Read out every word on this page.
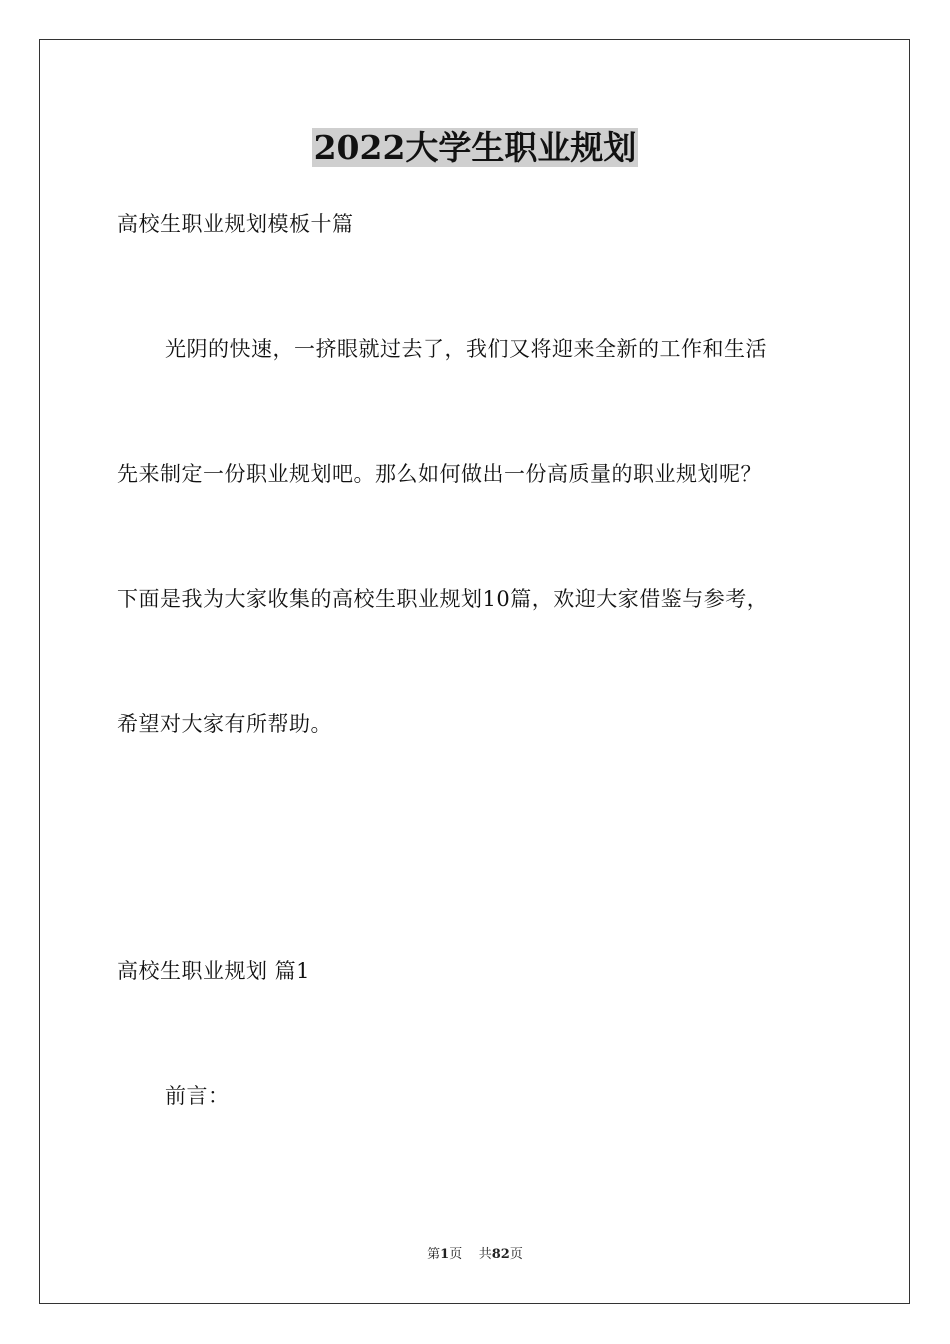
2022大学生职业规划
高校生职业规划模板十篇
光阴的快速，一挤眼就过去了，我们又将迎来全新的工作和生活
先来制定一份职业规划吧。那么如何做出一份高质量的职业规划呢？
下面是我为大家收集的高校生职业规划10篇，欢迎大家借鉴与参考，
希望对大家有所帮助。
高校生职业规划 篇1
前言：
第1页 共82页
